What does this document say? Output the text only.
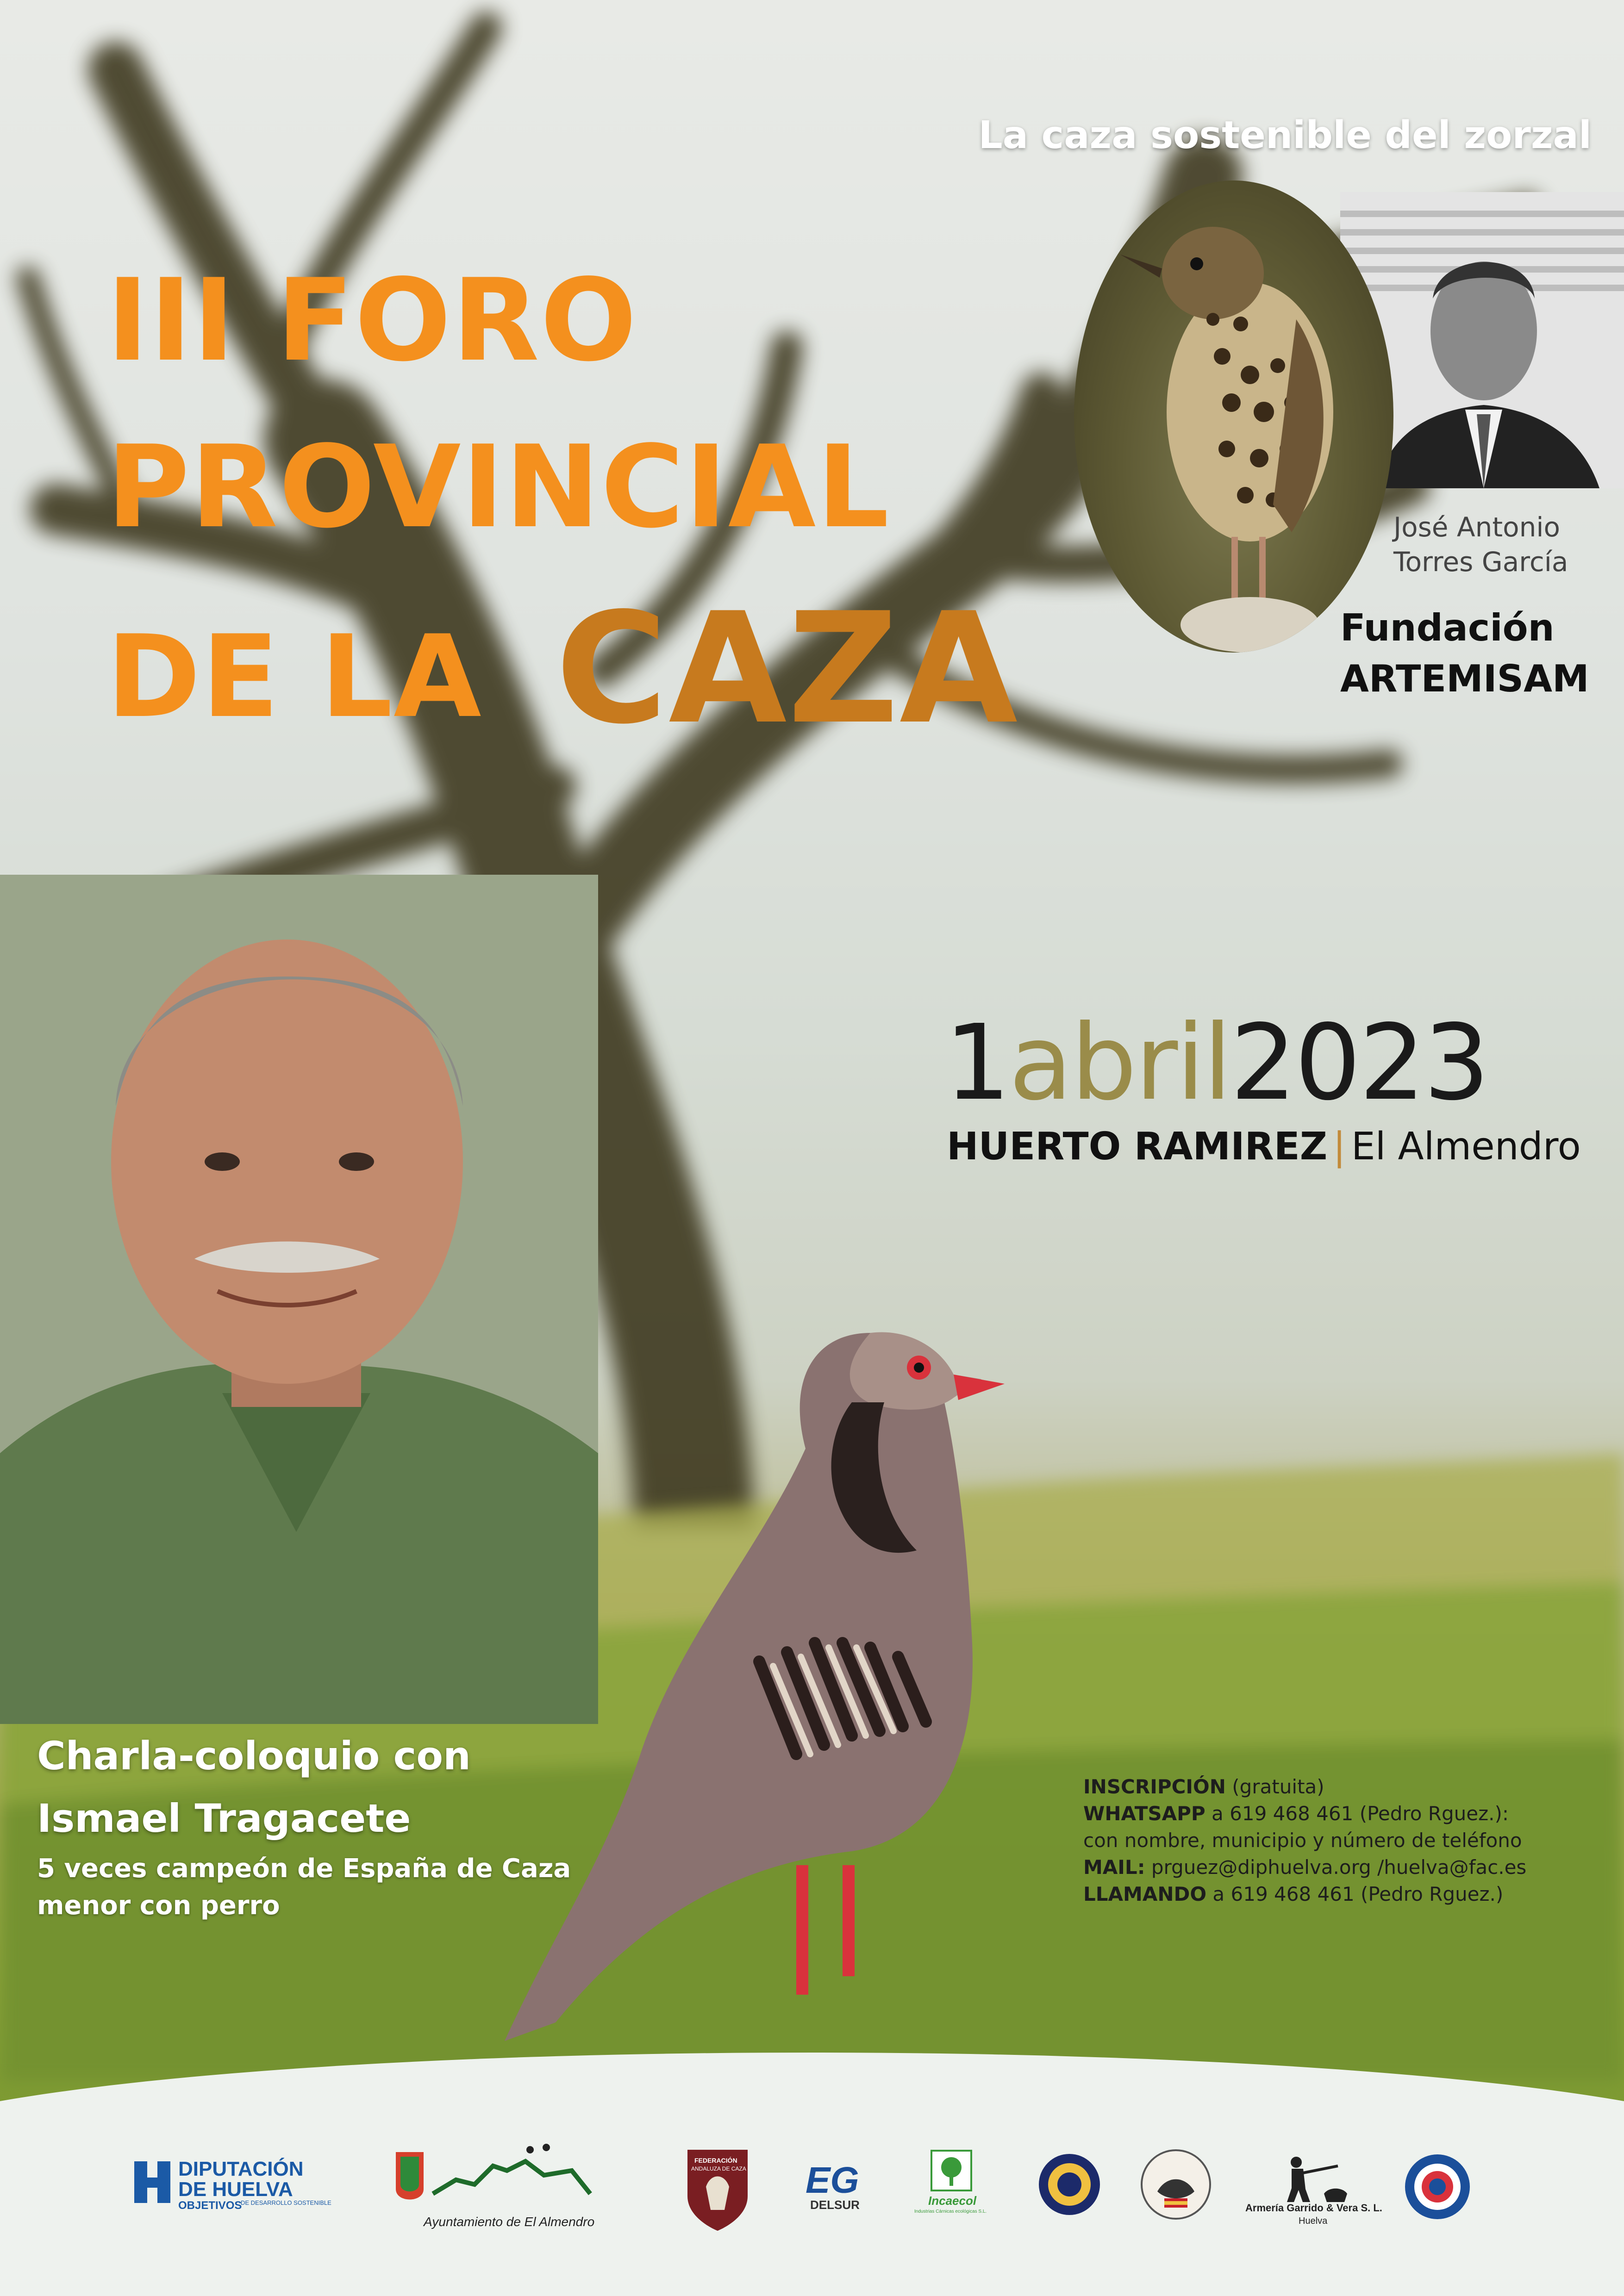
III FORO
PROVINCIAL
DE LA CAZA
La caza sostenible del zorzal
José Antonio
Torres García
Fundación
ARTEMISAM
1abril2023
HUERTO RAMIREZ | El Almendro
Charla-coloquio con
Ismael Tragacete
5 veces campeón de España de Caza
menor con perro
INSCRIPCIÓN (gratuita)
WHATSAPP a 619 468 461 (Pedro Rguez.):
con nombre, municipio y número de teléfono
MAIL: prguez@diphuelva.org /huelva@fac.es
LLAMANDO a 619 468 461 (Pedro Rguez.)
DIPUTACIÓN
DE HUELVA
OBJETIVOS
DE DESARROLLO SOSTENIBLE
Ayuntamiento de El Almendro
FEDERACIÓN
ANDALUZA DE CAZA EG
DELSUR	Incaecol
Industrias Cárnicas ecológicas S.L.	Armería Garrido & Vera S. L.
Huelva
